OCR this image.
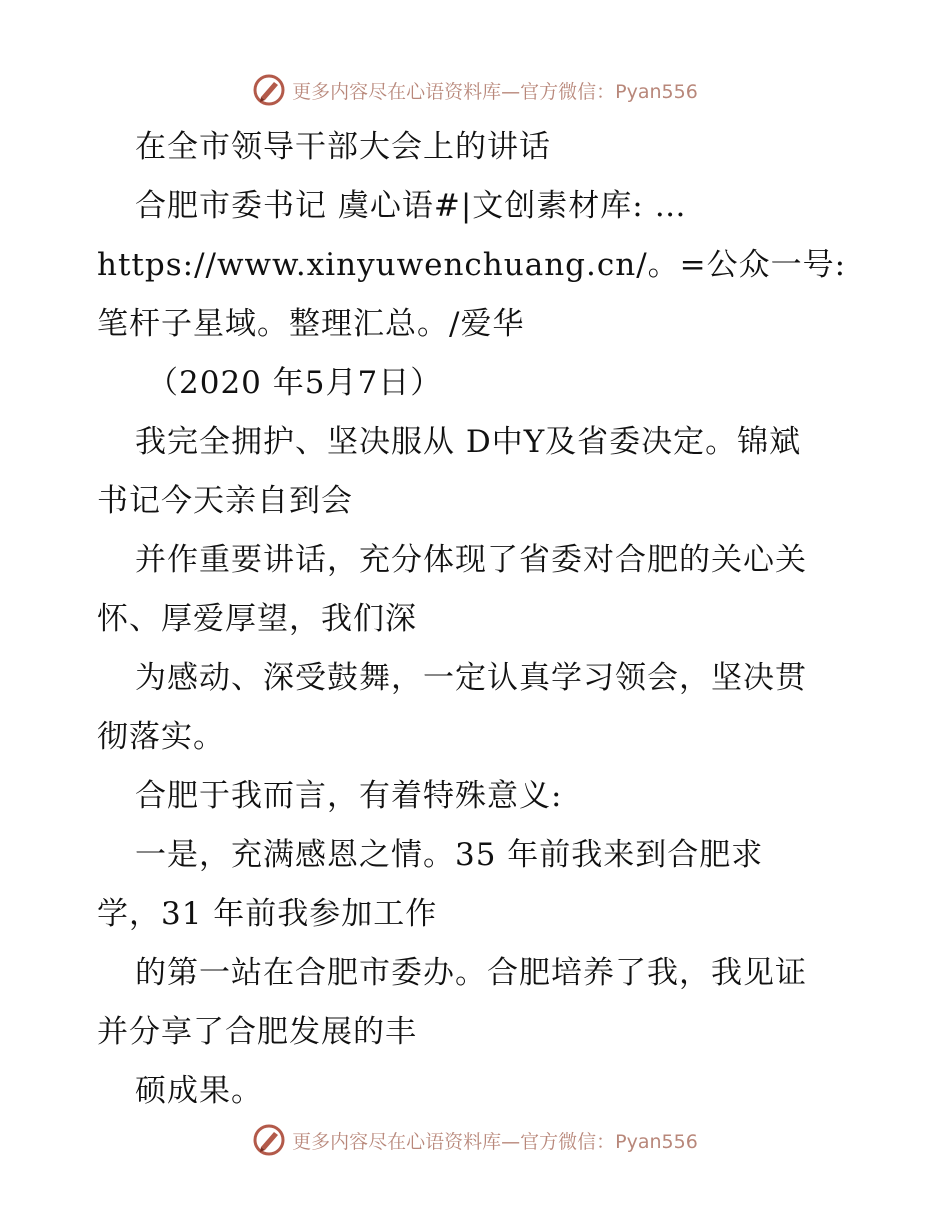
更多内容尽在心语资料库—官方微信：Pyan556
在全市领导干部大会上的讲话
合肥市委书记 虞心语#|文创素材库: …
https://www.xinyuwenchuang.cn/。=公众一号:
笔杆子星域。整理汇总。/爱华
（2020 年5月7日）
我完全拥护、坚决服从 D中Y及省委决定。锦斌
书记今天亲自到会
并作重要讲话，充分体现了省委对合肥的关心关
怀、厚爱厚望，我们深
为感动、深受鼓舞，一定认真学习领会，坚决贯
彻落实。
合肥于我而言，有着特殊意义:
一是，充满感恩之情。35 年前我来到合肥求
学，31 年前我参加工作
的第一站在合肥市委办。合肥培养了我，我见证
并分享了合肥发展的丰
硕成果。
更多内容尽在心语资料库—官方微信：Pyan556
